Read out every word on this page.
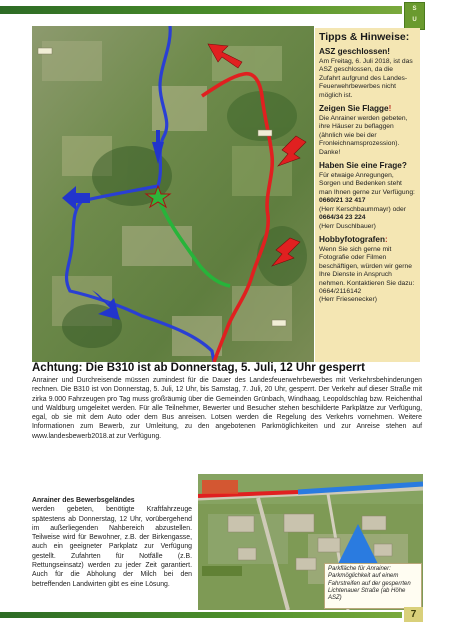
S
U
Tipps & Hinweise:
ASZ geschlossen!

Am Freitag, 6. Juli 2018, ist das ASZ geschlossen, da die Zufahrt aufgrund des Landes-Feuerwehrbewerbes nicht möglich ist.

Zeigen Sie Flagge!

Die Anrainer werden gebeten, ihre Häuser zu beflaggen (ähnlich wie bei der Fronleichnamsprozession). Danke!

Haben Sie eine Frage?

Für etwaige Anregungen, Sorgen und Bedenken steht man Ihnen gerne zur Verfügung:
0660/21 32 417
(Herr Kerschbaummayr) oder
0664/34 23 224
(Herr Duschlbauer)

Hobbyfotografen:

Wenn Sie sich gerne mit Fotografie oder Filmen beschäftigen, würden wir gerne Ihre Dienste in Anspruch nehmen. Kontaktieren Sie dazu:
0664/2116142
(Herr Friesenecker)

Achtung: Die B310 ist ab Donnerstag, 5. Juli, 12 Uhr gesperrt
Anrainer und Durchreisende müssen zumindest für die Dauer des Landesfeuerwehrbewerbes mit Verkehrsbehinderungen rechnen. Die B310 ist von Donnerstag, 5. Juli, 12 Uhr, bis Samstag, 7. Juli, 20 Uhr, gesperrt. Der Verkehr auf dieser Straße mit zirka 9.000 Fahrzeugen pro Tag muss großräumig über die Gemeinden Grünbach, Windhaag, Leopoldschlag bzw. Reichenthal und Waldburg umgeleitet werden. Für alle Teilnehmer, Bewerter und Besucher stehen beschilderte Parkplätze zur Verfügung, egal, ob sie mit dem Auto oder dem Bus anreisen. Lotsen werden die Regelung des Verkehrs vornehmen. Weitere Informationen zum Bewerb, zur Umleitung, zu den angebotenen Parkmöglichkeiten und zur Anreise stehen auf www.landesbewerb2018.at zur Verfügung.

Anrainer des Bewerbsgeländes

werden gebeten, benötigte Kraftfahrzeuge spätestens ab Donnerstag, 12 Uhr, vorübergehend im außerliegenden Nahbereich abzustellen. Teilweise wird für Bewohner, z.B. der Birkengasse, auch ein geeigneter Parkplatz zur Verfügung gestellt. Zufahrten für Notfälle (z.B. Rettungseinsatz) werden zu jeder Zeit garantiert. Auch für die Abholung der Milch bei den betreffenden Landwirten gibt es eine Lösung.

Parkfläche für Anrainer: Parkmöglichkeit auf einem Fahrstreifen auf der gesperrten Lichtenauer Straße (ab Höhe ASZ)
7
